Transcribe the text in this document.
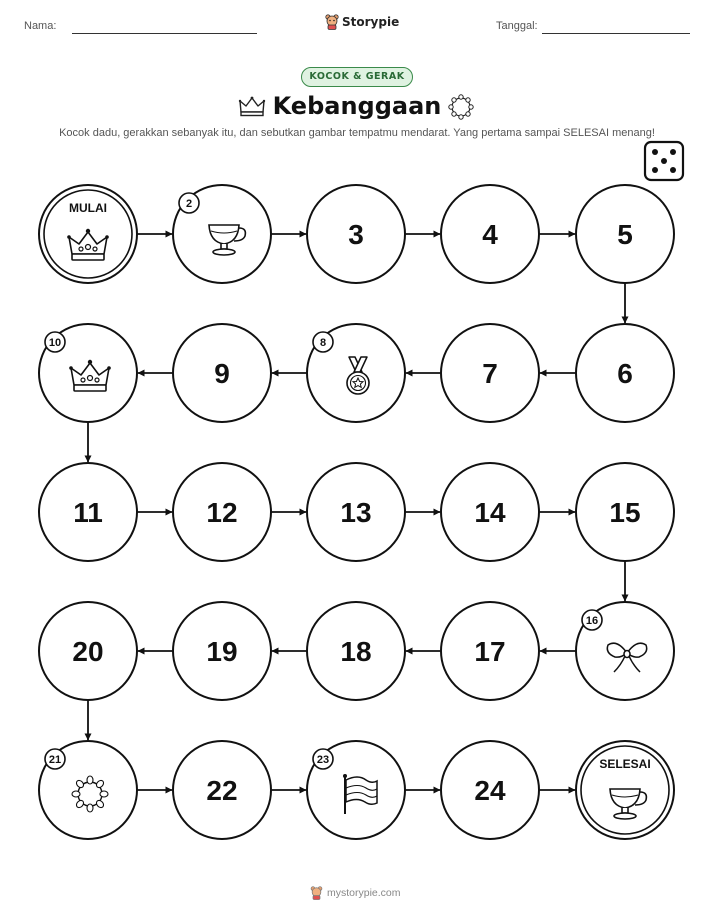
Nama:	Storypie	Tanggal:
KOCOK & GERAK
Kebanggaan
Kocok dadu, gerakkan sebanyak itu, dan sebutkan gambar tempatmu mendarat. Yang pertama sampai SELESAI menang!
MULAI	2
3	4	5
6
7
8
9
10
11	12	13	14	15
16
17
18
19
20
21
22
23
24
SELESAI
mystorypie.com
